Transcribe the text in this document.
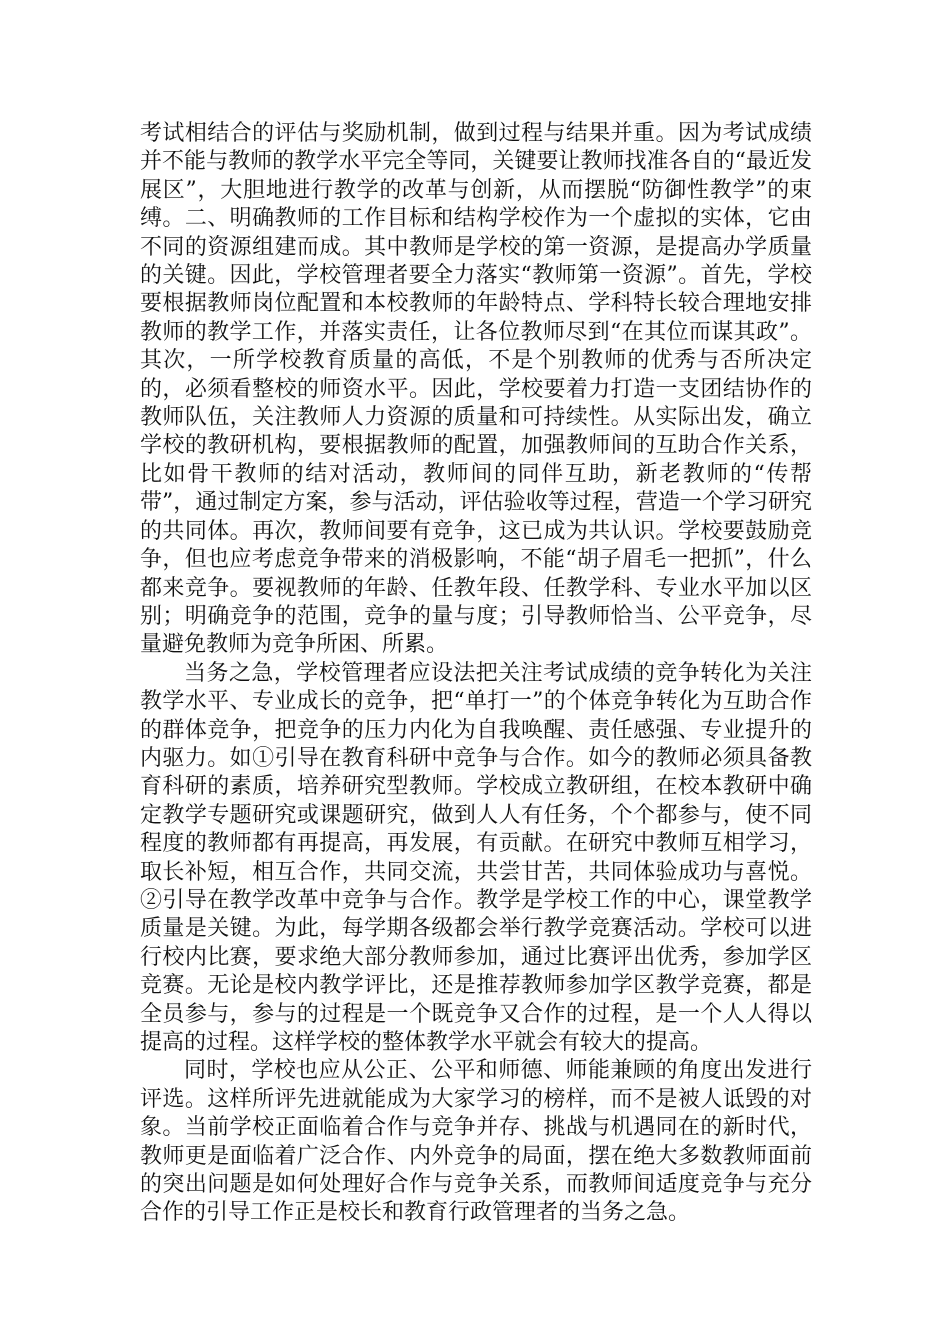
考试相结合的评估与奖励机制，做到过程与结果并重。因为考试成绩并不能与教师的教学水平完全等同，关键要让教师找准各自的“最近发展区”，大胆地进行教学的改革与创新，从而摆脱“防御性教学”的束缚。二、明确教师的工作目标和结构学校作为一个虚拟的实体，它由不同的资源组建而成。其中教师是学校的第一资源，是提高办学质量的关键。因此，学校管理者要全力落实“教师第一资源”。首先，学校要根据教师岗位配置和本校教师的年龄特点、学科特长较合理地安排教师的教学工作，并落实责任，让各位教师尽到“在其位而谋其政”。其次，一所学校教育质量的高低，不是个别教师的优秀与否所决定的，必须看整校的师资水平。因此，学校要着力打造一支团结协作的教师队伍，关注教师人力资源的质量和可持续性。从实际出发，确立学校的教研机构，要根据教师的配置，加强教师间的互助合作关系，比如骨干教师的结对活动，教师间的同伴互助，新老教师的“传帮带”，通过制定方案，参与活动，评估验收等过程，营造一个学习研究的共同体。再次，教师间要有竞争，这已成为共认识。学校要鼓励竞争，但也应考虑竞争带来的消极影响，不能“胡子眉毛一把抓”，什么都来竞争。要视教师的年龄、任教年段、任教学科、专业水平加以区别；明确竞争的范围，竞争的量与度；引导教师恰当、公平竞争，尽量避免教师为竞争所困、所累。

当务之急，学校管理者应设法把关注考试成绩的竞争转化为关注教学水平、专业成长的竞争，把“单打一”的个体竞争转化为互助合作的群体竞争，把竞争的压力内化为自我唤醒、责任感强、专业提升的内驱力。如①引导在教育科研中竞争与合作。如今的教师必须具备教育科研的素质，培养研究型教师。学校成立教研组，在校本教研中确定教学专题研究或课题研究，做到人人有任务，个个都参与，使不同程度的教师都有再提高，再发展，有贡献。在研究中教师互相学习，取长补短，相互合作，共同交流，共尝甘苦，共同体验成功与喜悦。②引导在教学改革中竞争与合作。教学是学校工作的中心，课堂教学质量是关键。为此，每学期各级都会举行教学竞赛活动。学校可以进行校内比赛，要求绝大部分教师参加，通过比赛评出优秀，参加学区竞赛。无论是校内教学评比，还是推荐教师参加学区教学竞赛，都是全员参与，参与的过程是一个既竞争又合作的过程，是一个人人得以提高的过程。这样学校的整体教学水平就会有较大的提高。

同时，学校也应从公正、公平和师德、师能兼顾的角度出发进行评选。这样所评先进就能成为大家学习的榜样，而不是被人诋毁的对象。当前学校正面临着合作与竞争并存、挑战与机遇同在的新时代，教师更是面临着广泛合作、内外竞争的局面，摆在绝大多数教师面前的突出问题是如何处理好合作与竞争关系，而教师间适度竞争与充分合作的引导工作正是校长和教育行政管理者的当务之急。
